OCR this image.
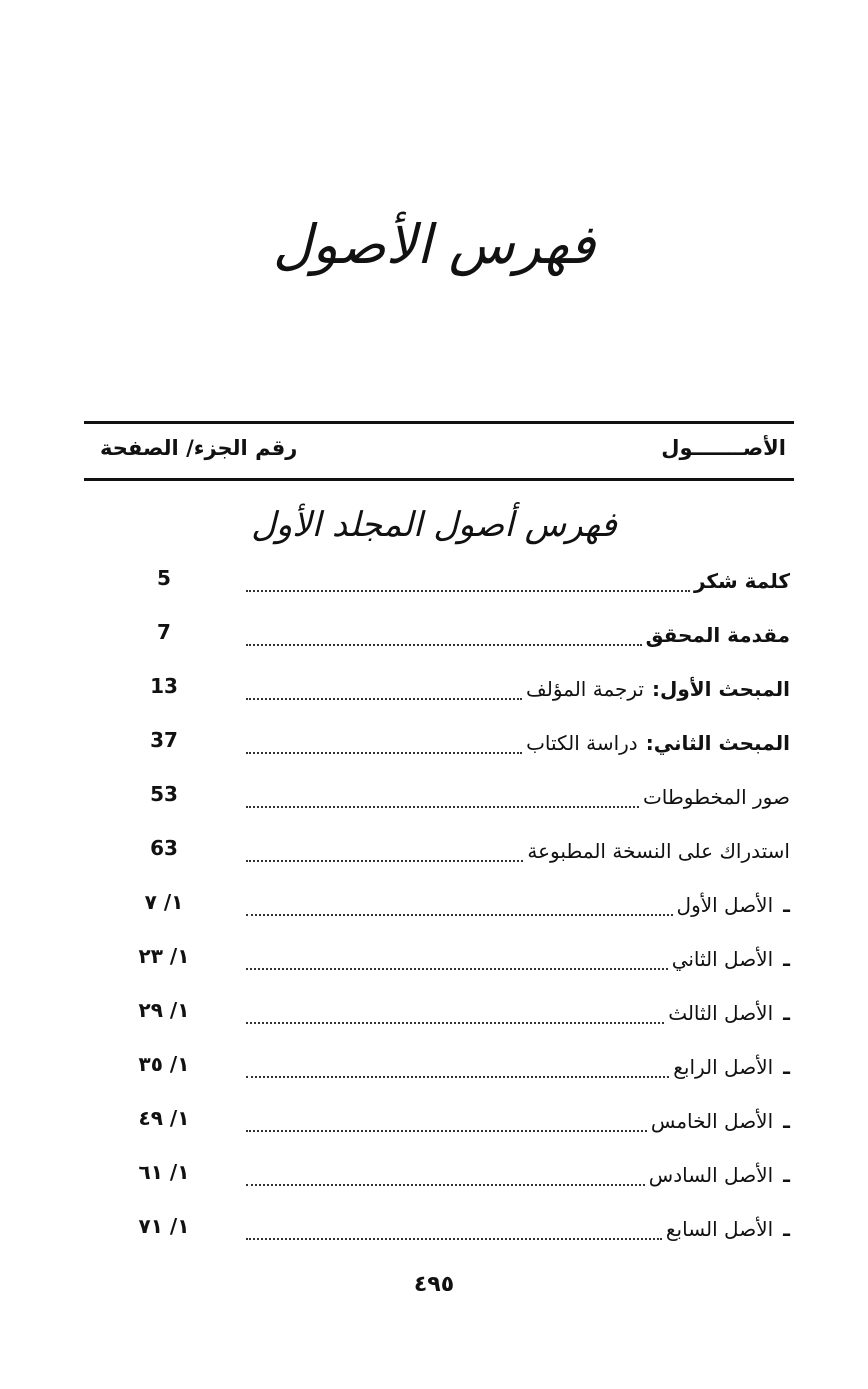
فهرس الأصول
الأصـــــــول
رقم الجزء/ الصفحة
فهرس أصول المجلد الأول
كلمة شكر
5
مقدمة المحقق
7
المبحث الأول:
ترجمة المؤلف
13
المبحث الثاني:
دراسة الكتاب
37
صور المخطوطات
53
استدراك على النسخة المطبوعة
63
ـ
الأصل الأول
١/ ٧
ـ
الأصل الثاني
١/ ٢٣
ـ
الأصل الثالث
١/ ٢٩
ـ
الأصل الرابع
١/ ٣٥
ـ
الأصل الخامس
١/ ٤٩
ـ
الأصل السادس
١/ ٦١
ـ
الأصل السابع
١/ ٧١
٤٩٥
